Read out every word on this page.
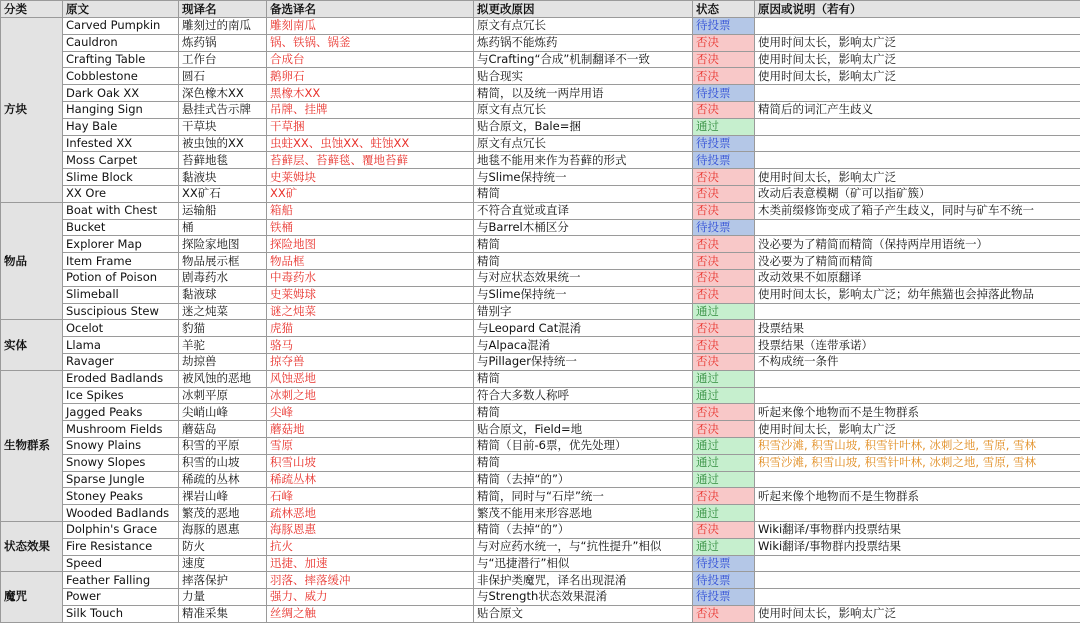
分类	原文	现译名	备选译名	拟更改原因	状态	原因或说明（若有）
方块	Carved Pumpkin	雕刻过的南瓜	雕刻南瓜	原文有点冗长	待投票	
	Cauldron	炼药锅	锅、铁锅、锅釜	炼药锅不能炼药	否决	使用时间太长，影响太广泛
	Crafting Table	工作台	合成台	与Crafting“合成”机制翻译不一致	否决	使用时间太长，影响太广泛
	Cobblestone	圆石	鹅卵石	贴合现实	否决	使用时间太长，影响太广泛
	Dark Oak XX	深色橡木XX	黑橡木XX	精简，以及统一两岸用语	待投票	
	Hanging Sign	悬挂式告示牌	吊牌、挂牌	原文有点冗长	否决	精简后的词汇产生歧义
	Hay Bale	干草块	干草捆	贴合原文，Bale=捆	通过	
	Infested XX	被虫蚀的XX	虫蛀XX、虫蚀XX、蛀蚀XX	原文有点冗长	待投票	
	Moss Carpet	苔藓地毯	苔藓层、苔藓毯、覆地苔藓	地毯不能用来作为苔藓的形式	待投票	
	Slime Block	黏液块	史莱姆块	与Slime保持统一	否决	使用时间太长，影响太广泛
	XX Ore	XX矿石	XX矿	精简	否决	改动后表意模糊（矿可以指矿簇）
物品	Boat with Chest	运输船	箱船	不符合直觉或直译	否决	木类前缀修饰变成了箱子产生歧义，同时与矿车不统一
	Bucket	桶	铁桶	与Barrel木桶区分	待投票	
	Explorer Map	探险家地图	探险地图	精简	否决	没必要为了精简而精简（保持两岸用语统一）
	Item Frame	物品展示框	物品框	精简	否决	没必要为了精简而精简
	Potion of Poison	剧毒药水	中毒药水	与对应状态效果统一	否决	改动效果不如原翻译
	Slimeball	黏液球	史莱姆球	与Slime保持统一	否决	使用时间太长，影响太广泛；幼年熊猫也会掉落此物品
	Suscipious Stew	迷之炖菜	谜之炖菜	错别字	通过	
实体	Ocelot	豹猫	虎猫	与Leopard Cat混淆	否决	投票结果
	Llama	羊驼	骆马	与Alpaca混淆	否决	投票结果（连带承诺）
	Ravager	劫掠兽	掠夺兽	与Pillager保持统一	否决	不构成统一条件
生物群系	Eroded Badlands	被风蚀的恶地	风蚀恶地	精简	通过	
	Ice Spikes	冰刺平原	冰刺之地	符合大多数人称呼	通过	
	Jagged Peaks	尖峭山峰	尖峰	精简	否决	听起来像个地物而不是生物群系
	Mushroom Fields	蘑菇岛	蘑菇地	贴合原文，Field=地	否决	使用时间太长，影响太广泛
	Snowy Plains	积雪的平原	雪原	精简（目前-6票，优先处理）	通过	积雪沙滩, 积雪山坡, 积雪针叶林, 冰刺之地, 雪原, 雪林
	Snowy Slopes	积雪的山坡	积雪山坡	精简	通过	积雪沙滩, 积雪山坡, 积雪针叶林, 冰刺之地, 雪原, 雪林
	Sparse Jungle	稀疏的丛林	稀疏丛林	精简（去掉“的”）	通过	
	Stoney Peaks	裸岩山峰	石峰	精简，同时与“石岸”统一	否决	听起来像个地物而不是生物群系
	Wooded Badlands	繁茂的恶地	疏林恶地	繁茂不能用来形容恶地	通过	
状态效果	Dolphin's Grace	海豚的恩惠	海豚恩惠	精简（去掉“的”）	否决	Wiki翻译/事物群内投票结果
	Fire Resistance	防火	抗火	与对应药水统一，与“抗性提升”相似	通过	Wiki翻译/事物群内投票结果
	Speed	速度	迅捷、加速	与“迅捷潜行”相似	待投票	
魔咒	Feather Falling	摔落保护	羽落、摔落缓冲	非保护类魔咒，译名出现混淆	待投票	
	Power	力量	强力、威力	与Strength状态效果混淆	待投票	
	Silk Touch	精准采集	丝绸之触	贴合原文	否决	使用时间太长，影响太广泛
